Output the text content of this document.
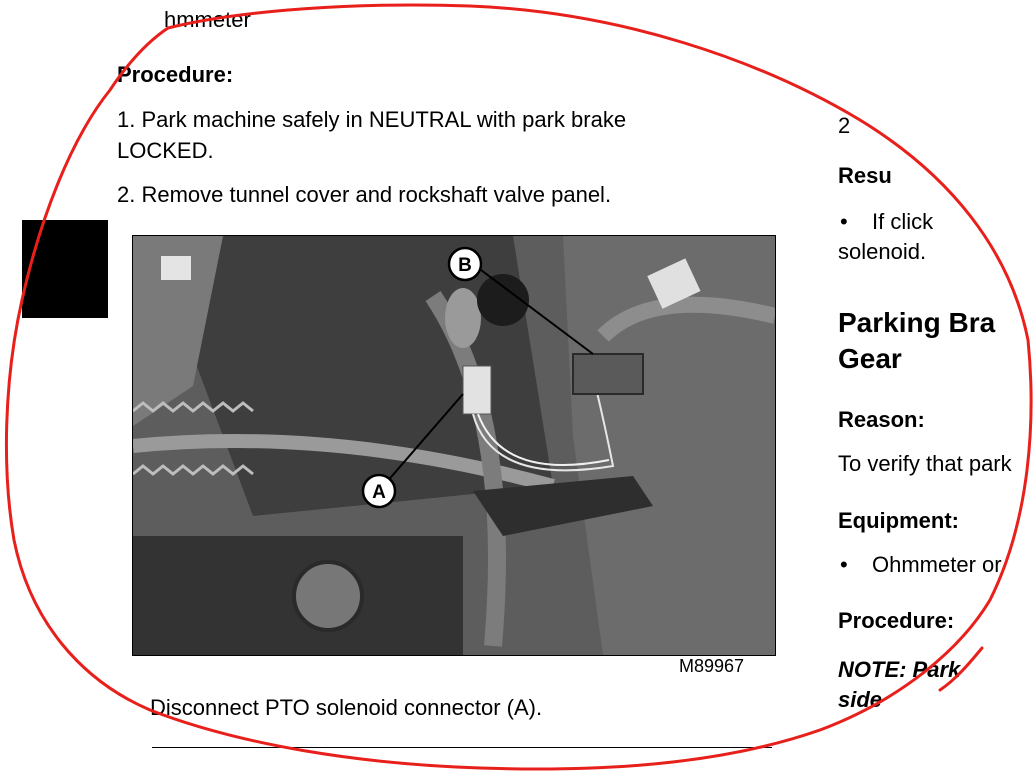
hmmeter
Procedure:
1. Park machine safely in NEUTRAL with park brake
LOCKED.
2. Remove tunnel cover and rockshaft valve panel.
A
B
M89967
Disconnect PTO solenoid connector (A).
2
Resu
• If click
solenoid.
Parking Bra
Gear
Reason:
To verify that park
Equipment:
• Ohmmeter or
Procedure:
NOTE: Park
side
